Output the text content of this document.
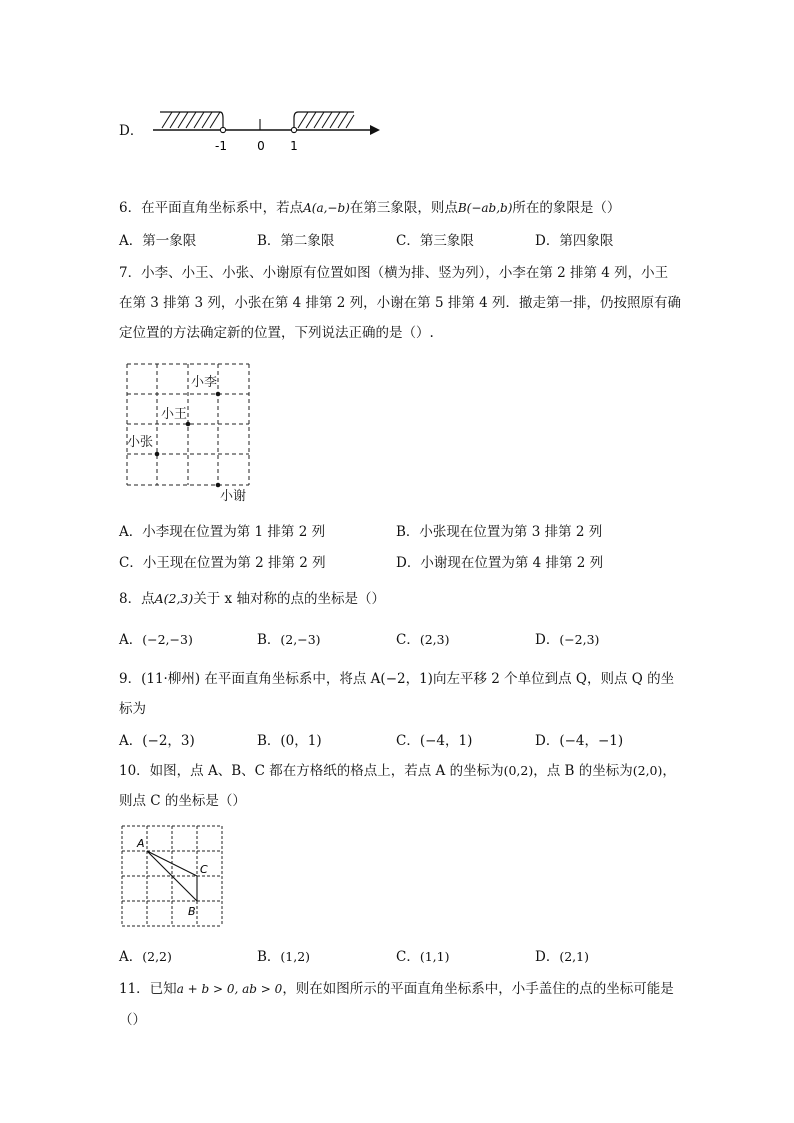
D．
-1	0 1
6．在平面直角坐标系中，若点A(a,−b)在第三象限，则点B(−ab,b)所在的象限是（）
A．第一象限	B．第二象限	C．第三象限	D．第四象限
7．小李、小王、小张、小谢原有位置如图（横为排、竖为列），小李在第 2 排第 4 列，小王
在第 3 排第 3 列，小张在第 4 排第 2 列，小谢在第 5 排第 4 列．撤走第一排，仍按照原有确
定位置的方法确定新的位置，下列说法正确的是（）.
小李
小王
小张
小谢
A．小李现在位置为第 1 排第 2 列	B．小张现在位置为第 3 排第 2 列
C．小王现在位置为第 2 排第 2 列	D．小谢现在位置为第 4 排第 2 列
8．点A(2,3)关于 x 轴对称的点的坐标是（）
A．(−2,−3)	B．(2,−3)	C．(2,3)	D．(−2,3)
9．(11·柳州) 在平面直角坐标系中，将点 A(−2，1)向左平移 2 个单位到点 Q，则点 Q 的坐
标为
A．(−2，3)	B．(0，1)	C．(−4，1)	D．(−4，−1)
10．如图，点 A、B、C 都在方格纸的格点上，若点 A 的坐标为(0,2)，点 B 的坐标为(2,0)，
则点 C 的坐标是（）
A
B
C
A．(2,2)	B．(1,2)	C．(1,1)	D．(2,1)
11．已知a + b > 0, ab > 0，则在如图所示的平面直角坐标系中，小手盖住的点的坐标可能是
（）
